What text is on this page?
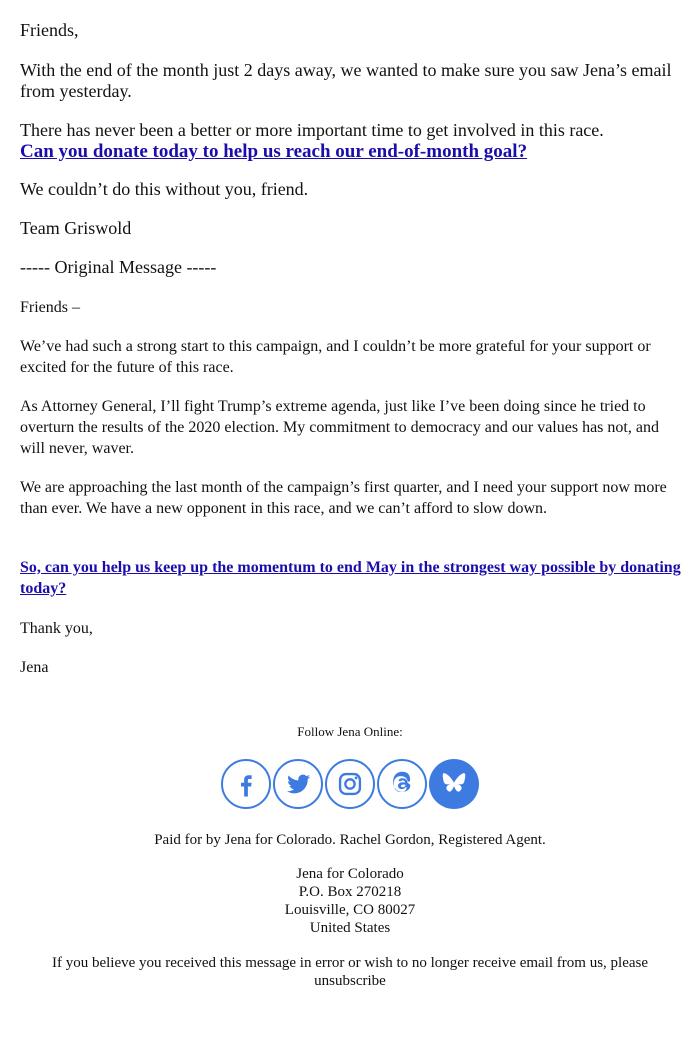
Friends,

With the end of the month just 2 days away, we wanted to make sure you saw Jena’s email from yesterday.

There has never been a better or more important time to get involved in this race.

Can you donate today to help us reach our end-of-month goal?

We couldn’t do this without you, friend.

Team Griswold

----- Original Message -----

Friends –

We’ve had such a strong start to this campaign, and I couldn’t be more grateful for your support or excited for the future of this race.

As Attorney General, I’ll fight Trump’s extreme agenda, just like I’ve been doing since he tried to overturn the results of the 2020 election. My commitment to democracy and our values has not, and will never, waver.

We are approaching the last month of the campaign’s first quarter, and I need your support now more than ever. We have a new opponent in this race, and we can’t afford to slow down.

So, can you help us keep up the momentum to end May in the strongest way possible by donating today?

Thank you,

Jena

Follow Jena Online:
Paid for by Jena for Colorado. Rachel Gordon, Registered Agent.
Jena for Colorado
P.O. Box 270218
Louisville, CO 80027
United States
If you believe you received this message in error or wish to no longer receive email from us, please
unsubscribe
